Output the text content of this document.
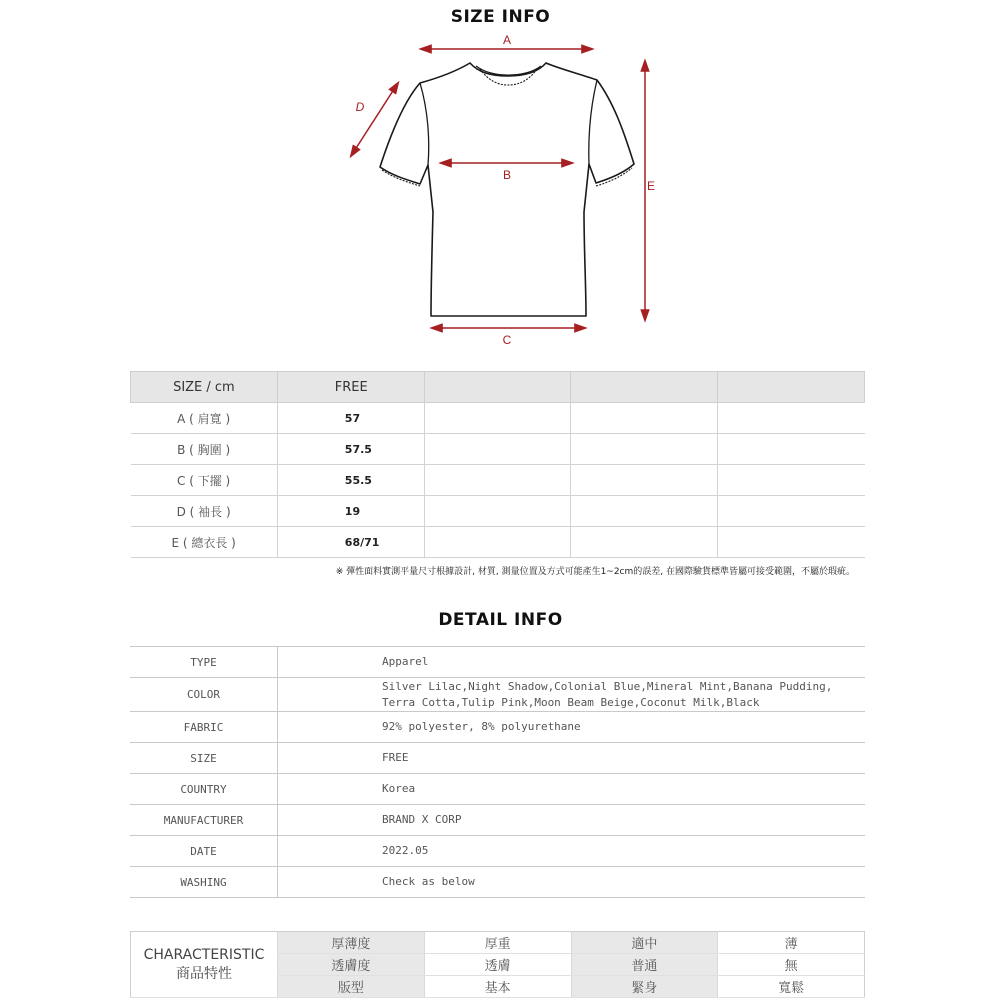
SIZE INFO
A
B
C
D
E
SIZE / cm	FREE			
A ( 肩寬 )	57			
B ( 胸圍 )	57.5			
C ( 下擺 )	55.5			
D ( 袖長 )	19			
E ( 總衣長 )	68/71			
※ 彈性面料實測平量尺寸根據設計, 材質, 測量位置及方式可能產生1~2cm的誤差, 在國際驗貨標準皆屬可接受範圍，不屬於瑕疵。
DETAIL INFO
TYPE	Apparel
COLOR	Silver Lilac,Night Shadow,Colonial Blue,Mineral Mint,Banana Pudding,
Terra Cotta,Tulip Pink,Moon Beam Beige,Coconut Milk,Black

FABRIC	92% polyester, 8% polyurethane
SIZE	FREE
COUNTRY	Korea
MANUFACTURER	BRAND X CORP
DATE	2022.05
WASHING	Check as below
CHARACTERISTIC
商品特性	厚薄度	厚重	適中	薄
	透膚度	透膚	普通	無
	版型	基本	緊身	寬鬆
